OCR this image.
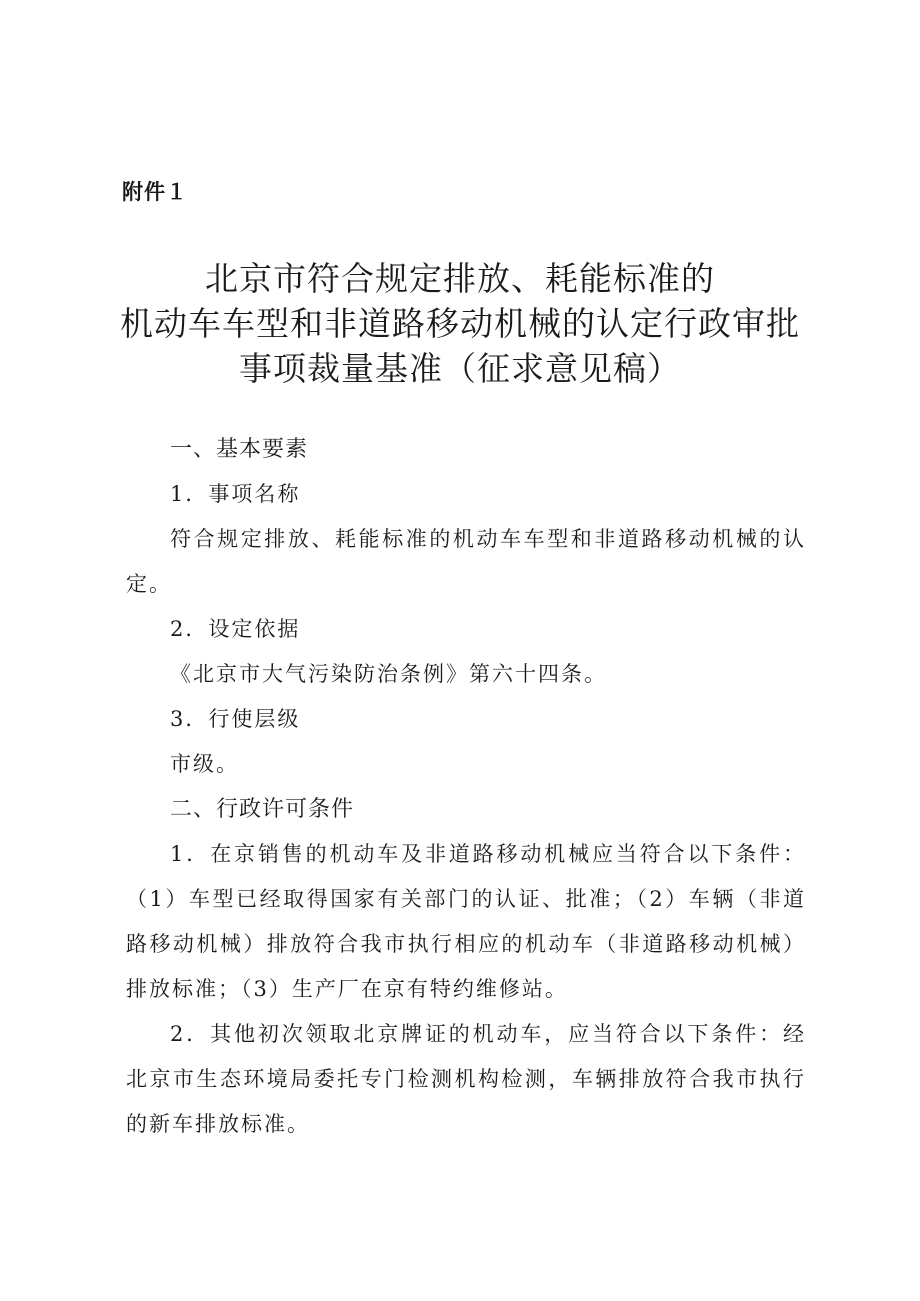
附件１
北京市符合规定排放、耗能标准的
机动车车型和非道路移动机械的认定行政审批
事项裁量基准（征求意见稿）

一、基本要素

1．事项名称

符合规定排放、耗能标准的机动车车型和非道路移动机械的认定。

2．设定依据

《北京市大气污染防治条例》第六十四条。

3．行使层级

市级。

二、行政许可条件

1．在京销售的机动车及非道路移动机械应当符合以下条件：（1）车型已经取得国家有关部门的认证、批准；（2）车辆（非道路移动机械）排放符合我市执行相应的机动车（非道路移动机械）排放标准；（3）生产厂在京有特约维修站。

2．其他初次领取北京牌证的机动车，应当符合以下条件：经北京市生态环境局委托专门检测机构检测，车辆排放符合我市执行的新车排放标准。
